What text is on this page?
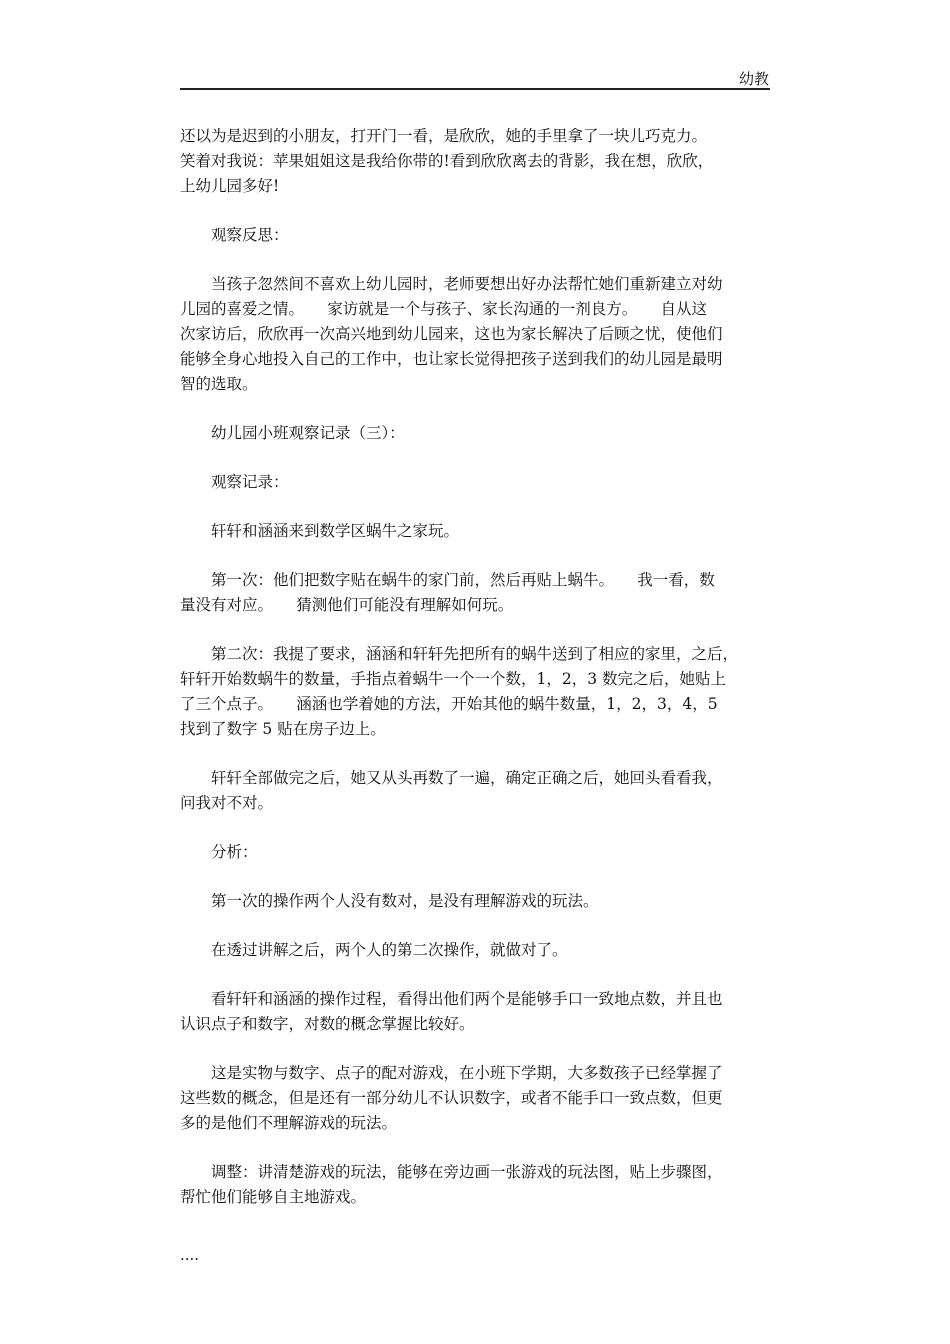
幼教

还以为是迟到的小朋友，打开门一看，是欣欣，她的手里拿了一块儿巧克力。
笑着对我说：苹果姐姐这是我给你带的!看到欣欣离去的背影，我在想，欣欣，
上幼儿园多好!

观察反思：

当孩子忽然间不喜欢上幼儿园时，老师要想出好办法帮忙她们重新建立对幼
儿园的喜爱之情。　　家访就是一个与孩子、家长沟通的一剂良方。　　自从这
次家访后，欣欣再一次高兴地到幼儿园来，这也为家长解决了后顾之忧，使他们
能够全身心地投入自己的工作中，也让家长觉得把孩子送到我们的幼儿园是最明
智的选取。

幼儿园小班观察记录（三）：

观察记录：

轩轩和涵涵来到数学区蜗牛之家玩。

第一次：他们把数字贴在蜗牛的家门前，然后再贴上蜗牛。　　我一看，数
量没有对应。　　猜测他们可能没有理解如何玩。

第二次：我提了要求，涵涵和轩轩先把所有的蜗牛送到了相应的家里，之后，
轩轩开始数蜗牛的数量，手指点着蜗牛一个一个数，1，2，3 数完之后，她贴上
了三个点子。　　涵涵也学着她的方法，开始其他的蜗牛数量，1，2，3，4，5
找到了数字 5 贴在房子边上。

轩轩全部做完之后，她又从头再数了一遍，确定正确之后，她回头看看我，
问我对不对。

分析：

第一次的操作两个人没有数对，是没有理解游戏的玩法。

在透过讲解之后，两个人的第二次操作，就做对了。

看轩轩和涵涵的操作过程，看得出他们两个是能够手口一致地点数，并且也
认识点子和数字，对数的概念掌握比较好。

这是实物与数字、点子的配对游戏，在小班下学期，大多数孩子已经掌握了
这些数的概念，但是还有一部分幼儿不认识数字，或者不能手口一致点数，但更
多的是他们不理解游戏的玩法。

调整：讲清楚游戏的玩法，能够在旁边画一张游戏的玩法图，贴上步骤图，
帮忙他们能够自主地游戏。

....
